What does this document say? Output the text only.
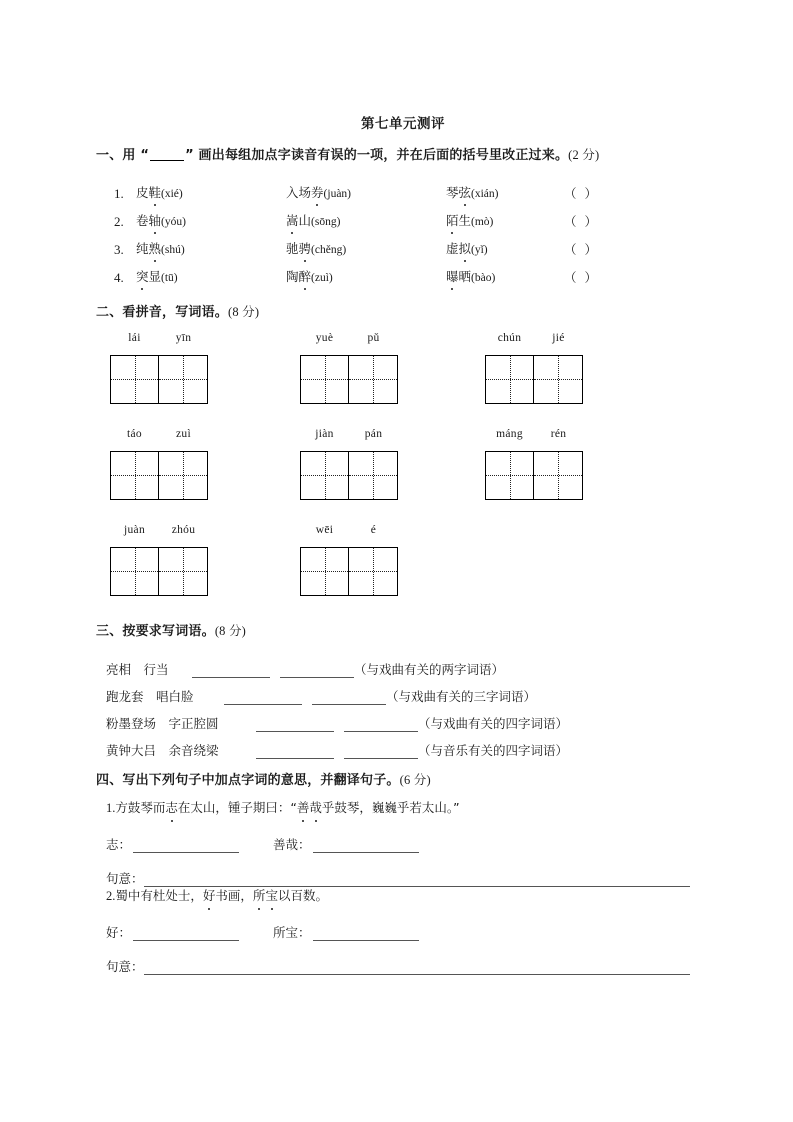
第七单元测评
一、用 “	” 画出每组加点字读音有误的一项，并在后面的括号里改正过来。(2 分)
1. 皮鞋(xié)	入场券(juàn)	琴弦(xián)	（ ）
2. 卷轴(yóu)	嵩山(sōng)	陌生(mò)	（ ）
3. 纯熟(shú)	驰骋(chěng)	虚拟(yǐ)	（ ）
4. 突显(tū)	陶醉(zuì)	曝晒(bào)	（ ）
二、看拼音，写词语。(8 分)
lái	yīn	yuè	pǔ	chún	jié
táo	zuì	jiàn	pán	máng	rén
juàn	zhóu	wēi	é
三、按要求写词语。(8 分)
亮相　行当	（与戏曲有关的两字词语）
跑龙套　唱白脸	（与戏曲有关的三字词语）
粉墨登场　字正腔圆	（与戏曲有关的四字词语）
黄钟大吕　余音绕梁	（与音乐有关的四字词语）
四、写出下列句子中加点字词的意思，并翻译句子。(6 分)
1.方鼓琴而志在太山，锺子期曰：“善哉乎鼓琴，巍巍乎若太山。”
志：	善哉：
句意：
2.蜀中有杜处士，好书画，所宝以百数。
好：	所宝：
句意：
